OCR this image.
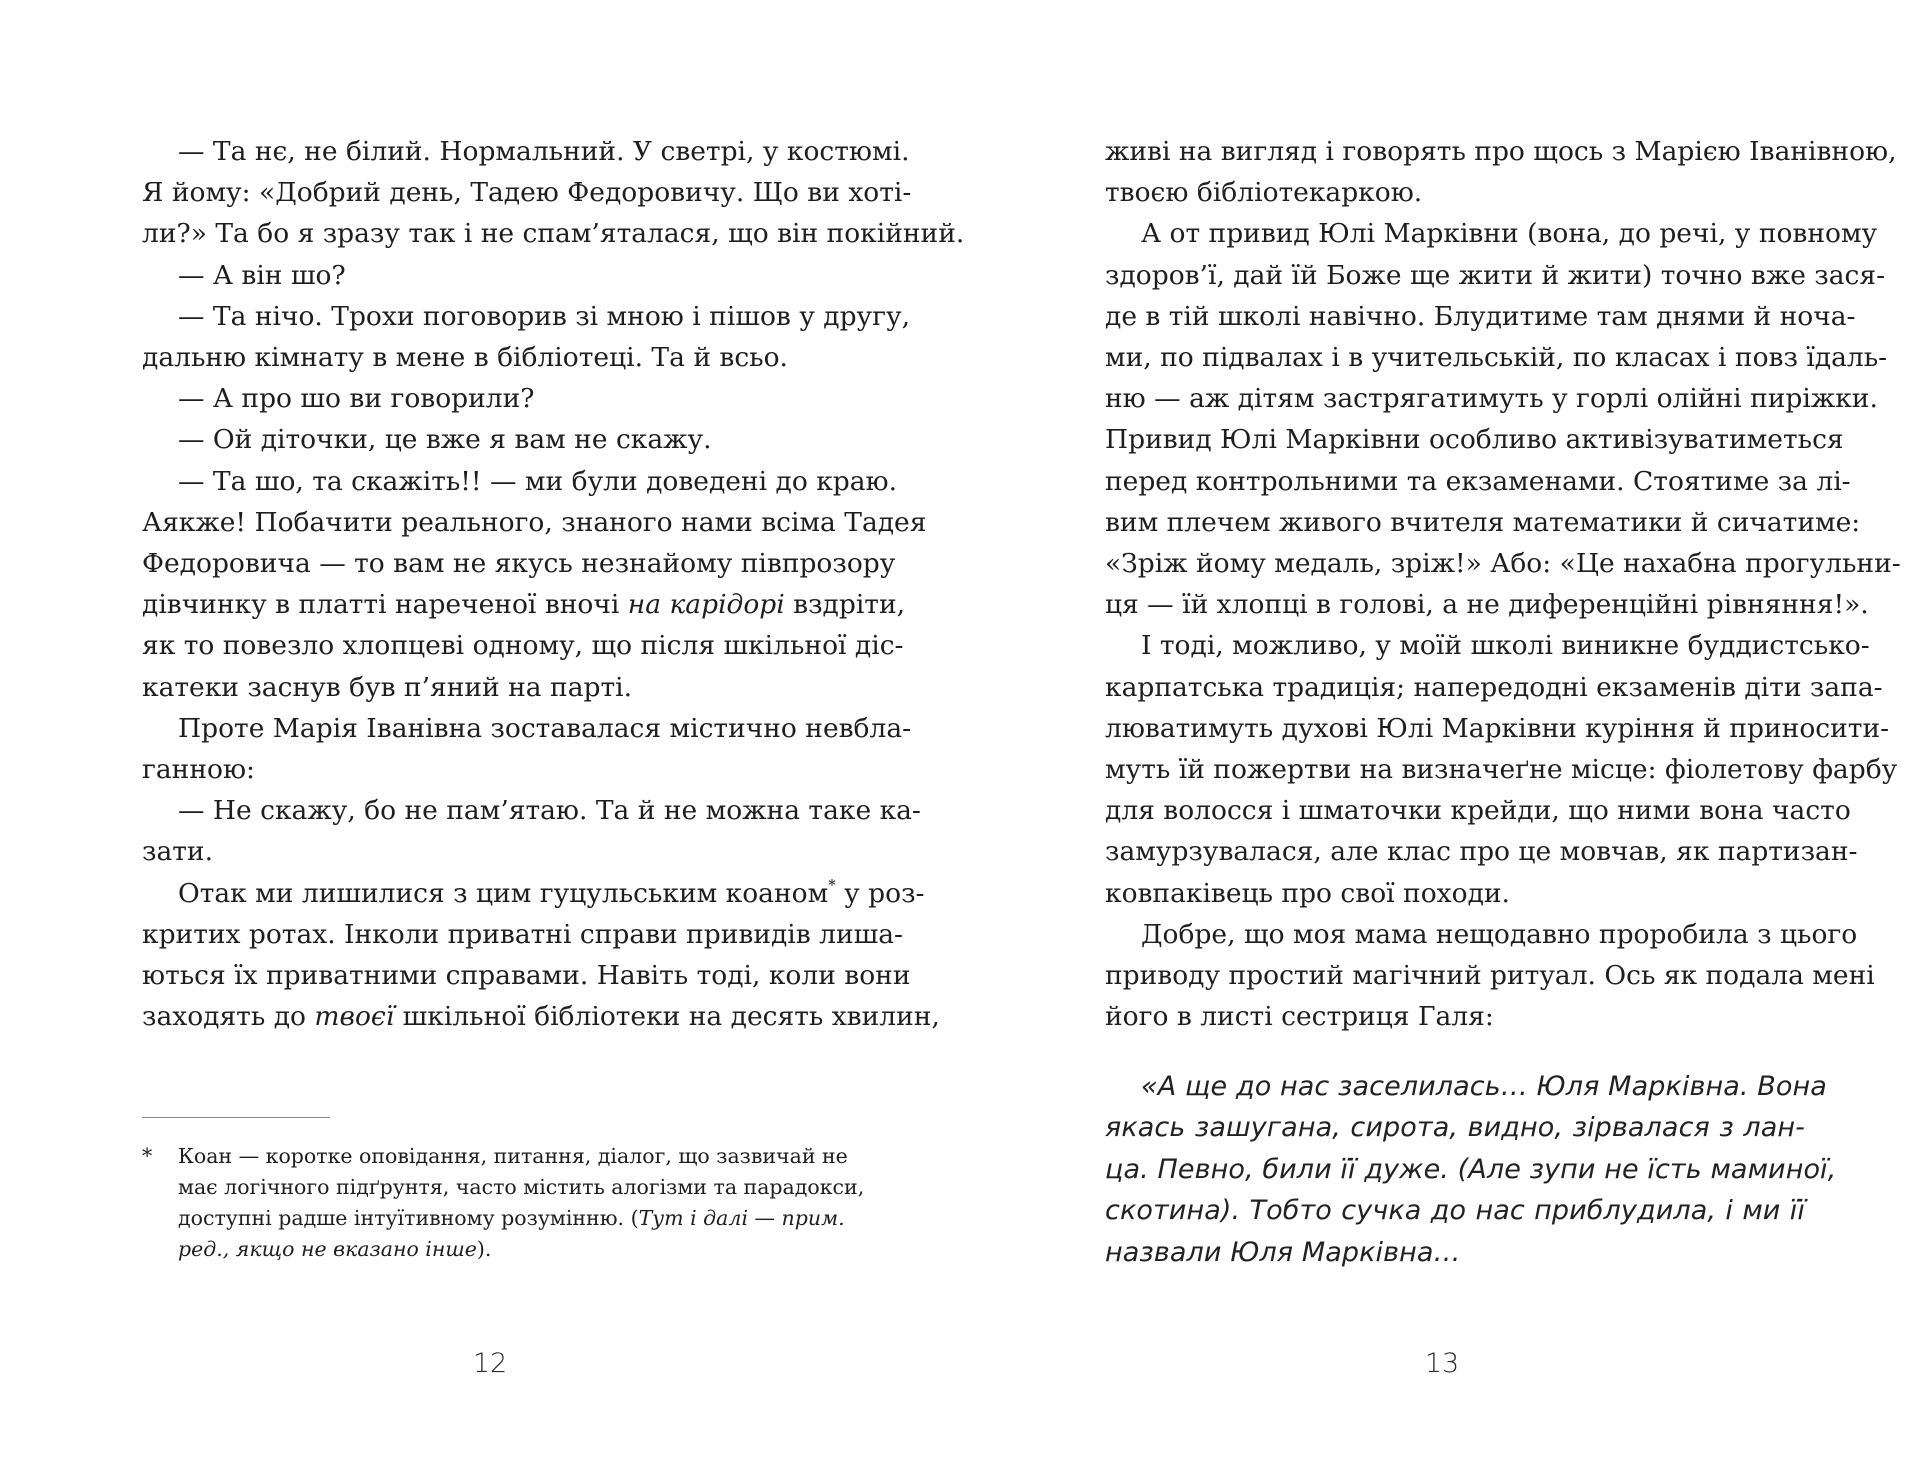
— Та нє, не білий. Нормальний. У светрі, у костюмі.
Я йому: «Добрий день, Тадею Федоровичу. Що ви хоті-
ли?» Та бо я зразу так і не спам’яталася, що він покійний.
— А він шо?
— Та нічо. Трохи поговорив зі мною і пішов у другу,
дальню кімнату в мене в бібліотеці. Та й всьо.
— А про шо ви говорили?
— Ой діточки, це вже я вам не скажу.
— Та шо, та скажіть!! — ми були доведені до краю.
Аякже! Побачити реального, знаного нами всіма Тадея
Федоровича — то вам не якусь незнайому півпрозору
дівчинку в платті нареченої вночі на карідорі вздріти,
як то повезло хлопцеві одному, що після шкільної діс-
катеки заснув був п’яний на парті.
Проте Марія Іванівна зоставалася містично невбла-
ганною:
— Не скажу, бо не пам’ятаю. Та й не можна таке ка-
зати.
Отак ми лишилися з цим гуцульським коаном* у роз-
критих ротах. Інколи приватні справи привидів лиша-
ються їх приватними справами. Навіть тоді, коли вони
заходять до твоєї шкільної бібліотеки на десять хвилин,
* Коан — коротке оповідання, питання, діалог, що зазвичай не
має логічного підґрунтя, часто містить алогізми та парадокси,
доступні радше інтуїтивному розумінню. (Тут і далі — прим.
ред., якщо не вказано інше).
12
живі на вигляд і говорять про щось з Марією Іванівною,
твоєю бібліотекаркою.
А от привид Юлі Марківни (вона, до речі, у повному
здоров’ї, дай їй Боже ще жити й жити) точно вже зася-
де в тій школі навічно. Блудитиме там днями й ноча-
ми, по підвалах і в учительській, по класах і повз їдаль-
ню — аж дітям застрягатимуть у горлі олійні пиріжки.
Привид Юлі Марківни особливо активізуватиметься
перед контрольними та екзаменами. Стоятиме за лі-
вим плечем живого вчителя математики й сичатиме:
«Зріж йому медаль, зріж!» Або: «Це нахабна прогульни-
ця — їй хлопці в голові, а не диференційні рівняння!».
І тоді, можливо, у моїй школі виникне буддистсько-
карпатська традиція; напередодні екзаменів діти запа-
люватимуть духові Юлі Марківни куріння й приносити-
муть їй пожертви на визначеґне місце: фіолетову фарбу
для волосся і шматочки крейди, що ними вона часто
замурзувалася, але клас про це мовчав, як партизан-
ковпаківець про свої походи.
Добре, що моя мама нещодавно проробила з цього
приводу простий магічний ритуал. Ось як подала мені
його в листі сестриця Галя:
«А ще до нас заселилась… Юля Марківна. Вона
якась зашугана, сирота, видно, зірвалася з лан-
ца. Певно, били її дуже. (Але зупи не їсть маминої,
скотина). Тобто сучка до нас приблудила, і ми її
назвали Юля Марківна…
13
